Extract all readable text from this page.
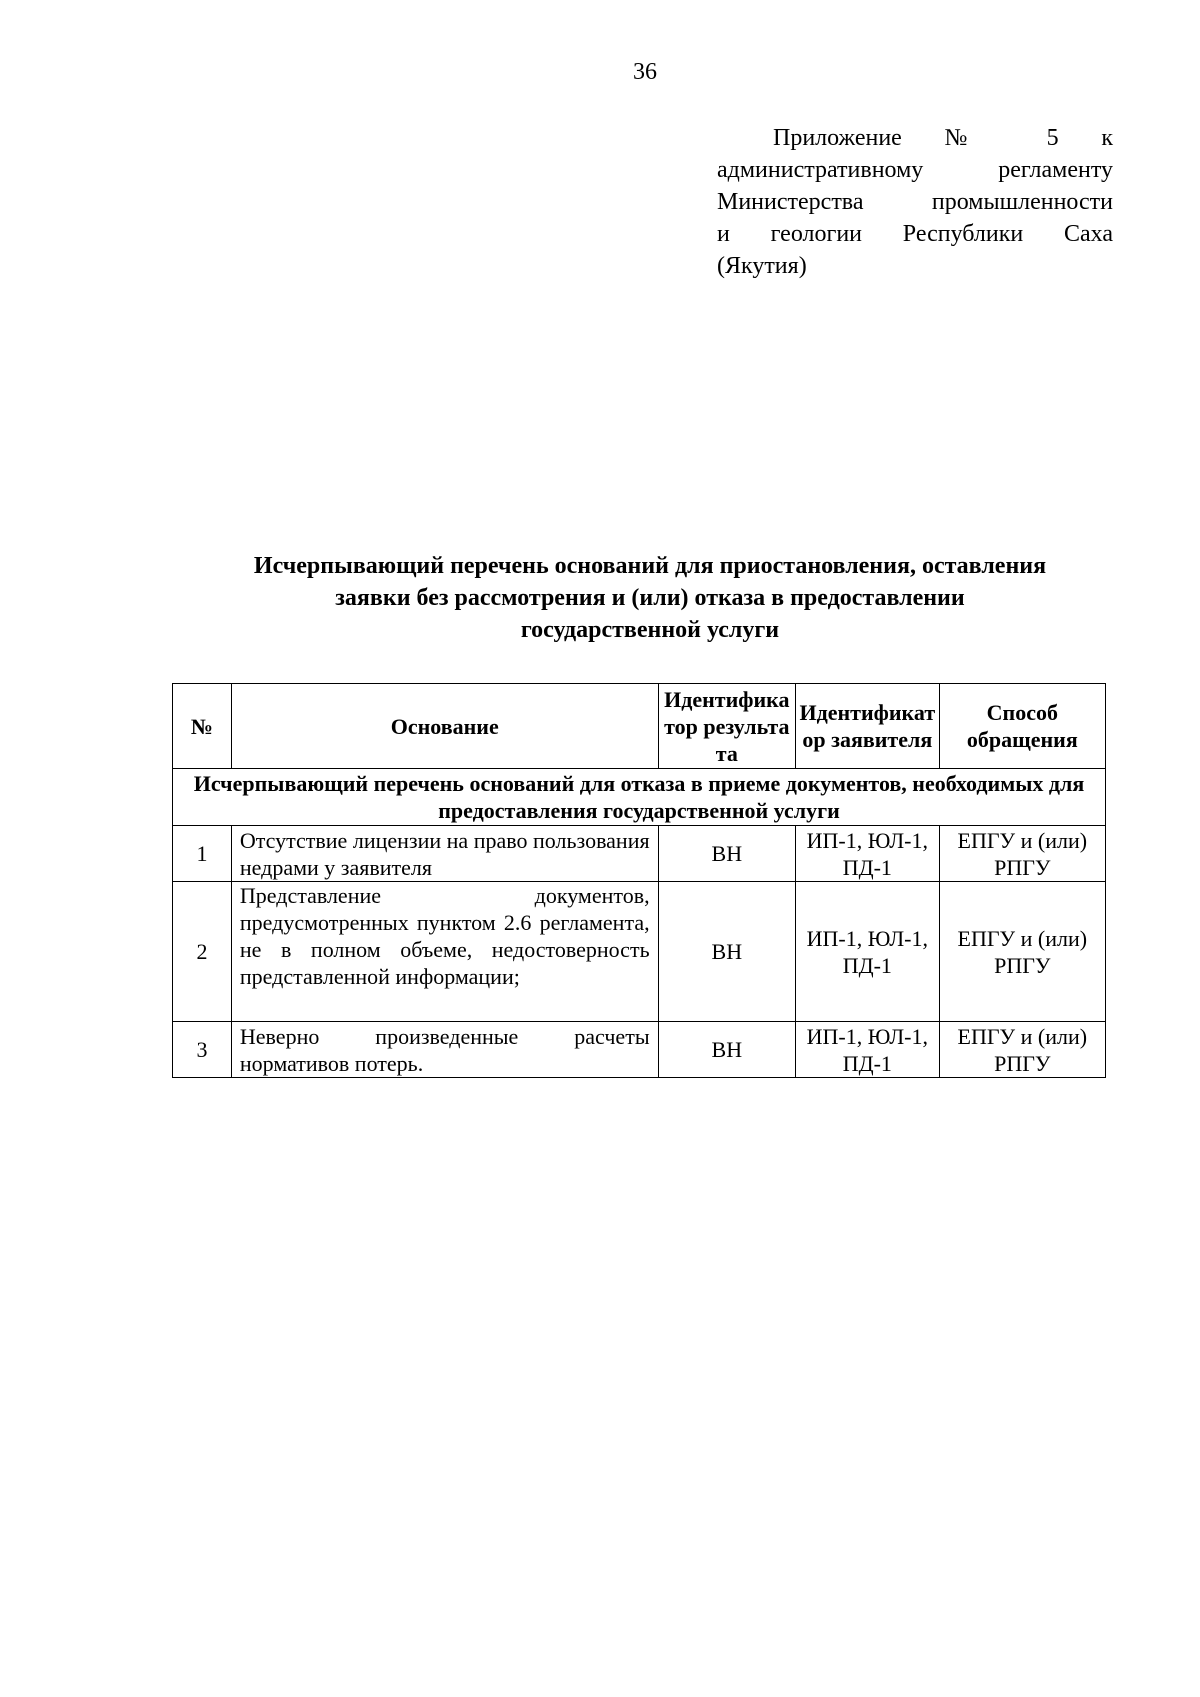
36
Приложение № 5 к
административному регламенту
Министерства промышленности
и геологии Республики Саха
(Якутия)
Исчерпывающий перечень оснований для приостановления, оставления
заявки без рассмотрения и (или) отказа в предоставлении
государственной услуги
№	Основание	Идентификатор результата	Идентификатор заявителя	Способ обращения
Исчерпывающий перечень оснований для отказа в приеме документов, необходимых для предоставления государственной услуги				
1	Отсутствие лицензии на право пользования недрами у заявителя	ВН	ИП-1, ЮЛ-1, ПД-1	ЕПГУ и (или) РПГУ
2	Представление документов, предусмотренных пунктом 2.6 регламента, не в полном объеме, недостоверность представленной информации;	ВН	ИП-1, ЮЛ-1, ПД-1	ЕПГУ и (или) РПГУ
3	Неверно произведенные расчеты нормативов потерь.	ВН	ИП-1, ЮЛ-1, ПД-1	ЕПГУ и (или) РПГУ
